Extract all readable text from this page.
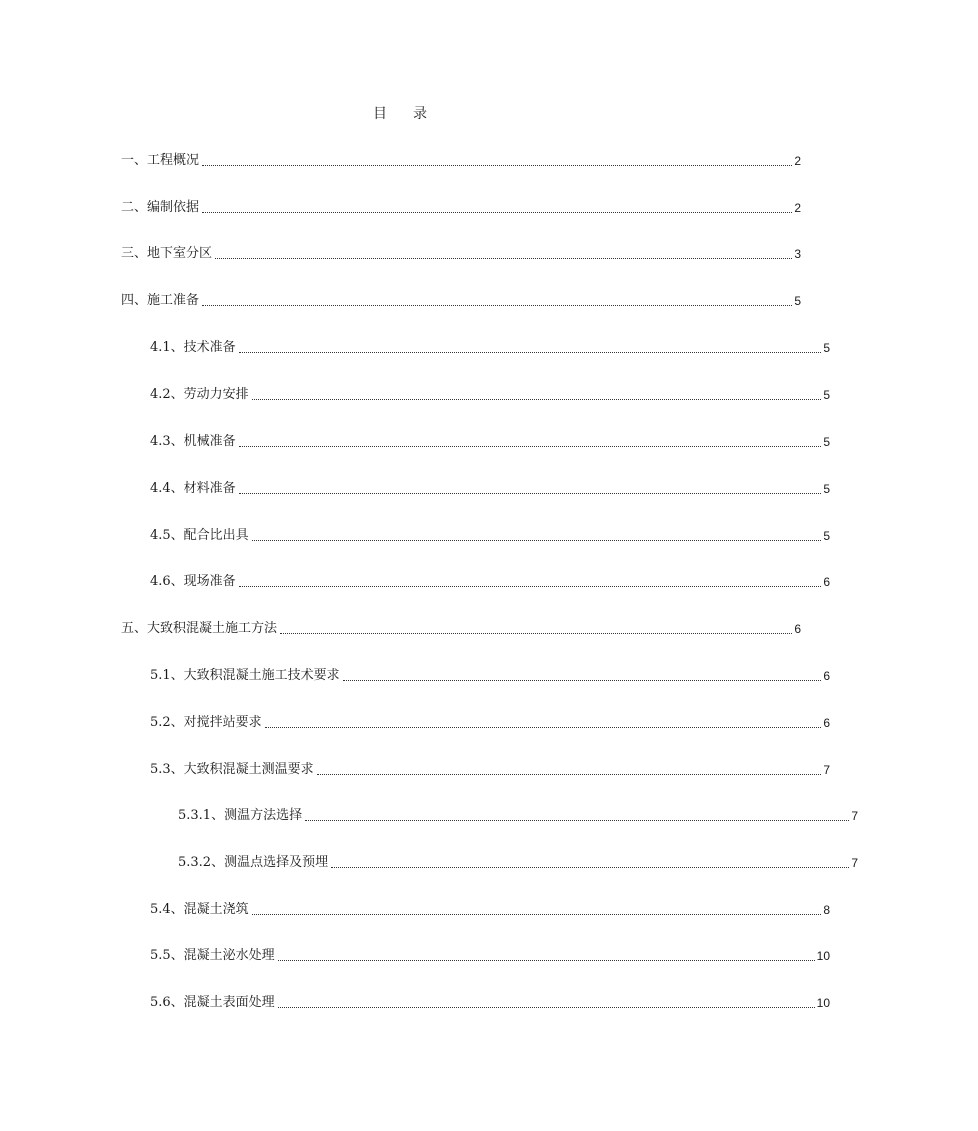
目 录
一、工程概况	2
二、编制依据	2
三、地下室分区	3
四、施工准备	5
4.1、技术准备	5
4.2、劳动力安排	5
4.3、机械准备	5
4.4、材料准备	5
4.5、配合比出具	5
4.6、现场准备	6
五、大致积混凝土施工方法	6
5.1、大致积混凝土施工技术要求	6
5.2、对搅拌站要求	6
5.3、大致积混凝土测温要求	7
5.3.1、测温方法选择	7
5.3.2、测温点选择及预埋	7
5.4、混凝土浇筑	8
5.5、混凝土泌水处理	10
5.6、混凝土表面处理	10
